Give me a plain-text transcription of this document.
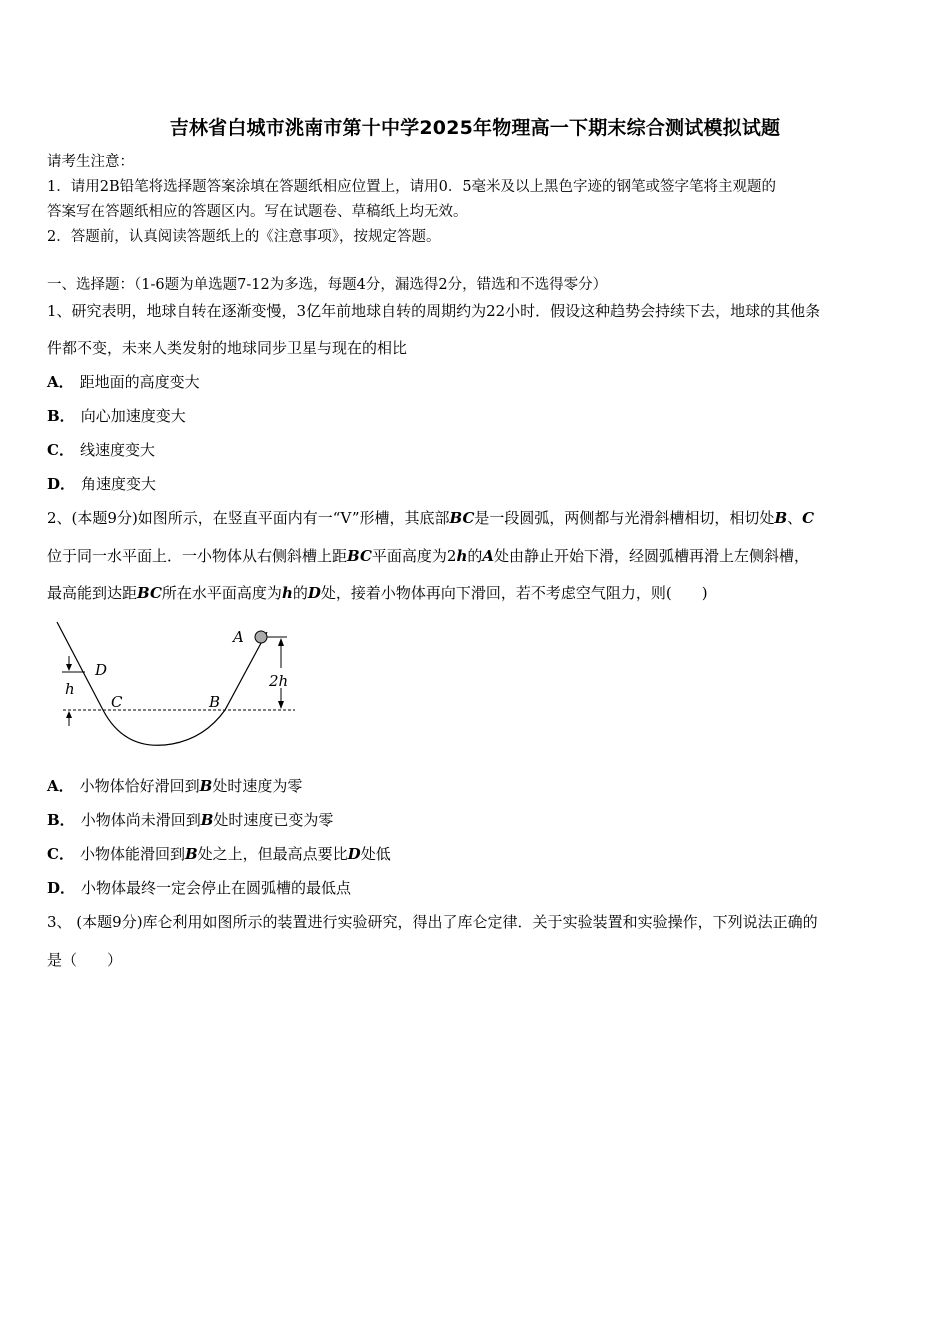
吉林省白城市洮南市第十中学2025年物理高一下期末综合测试模拟试题
请考生注意：
1．请用2B铅笔将选择题答案涂填在答题纸相应位置上，请用0．5毫米及以上黑色字迹的钢笔或签字笔将主观题的
答案写在答题纸相应的答题区内。写在试题卷、草稿纸上均无效。
2．答题前，认真阅读答题纸上的《注意事项》，按规定答题。
一、选择题：（1-6题为单选题7-12为多选，每题4分，漏选得2分，错选和不选得零分）
1、研究表明，地球自转在逐渐变慢，3亿年前地球自转的周期约为22小时．假设这种趋势会持续下去，地球的其他条
件都不变，未来人类发射的地球同步卫星与现在的相比
A． 距地面的高度变大
B． 向心加速度变大
C． 线速度变大
D． 角速度变大
2、(本题9分)如图所示，在竖直平面内有一“V”形槽，其底部BC是一段圆弧，两侧都与光滑斜槽相切，相切处B、C
位于同一水平面上．一小物体从右侧斜槽上距BC平面高度为2h的A处由静止开始下滑，经圆弧槽再滑上左侧斜槽，
最高能到达距BC所在水平面高度为h的D处，接着小物体再向下滑回，若不考虑空气阻力，则(　　)
A
D
h
C	B
2h
A． 小物体恰好滑回到B处时速度为零
B． 小物体尚未滑回到B处时速度已变为零
C． 小物体能滑回到B处之上，但最高点要比D处低
D． 小物体最终一定会停止在圆弧槽的最低点
3、 (本题9分)库仑利用如图所示的装置进行实验研究，得出了库仑定律．关于实验装置和实验操作，下列说法正确的
是（　　）
